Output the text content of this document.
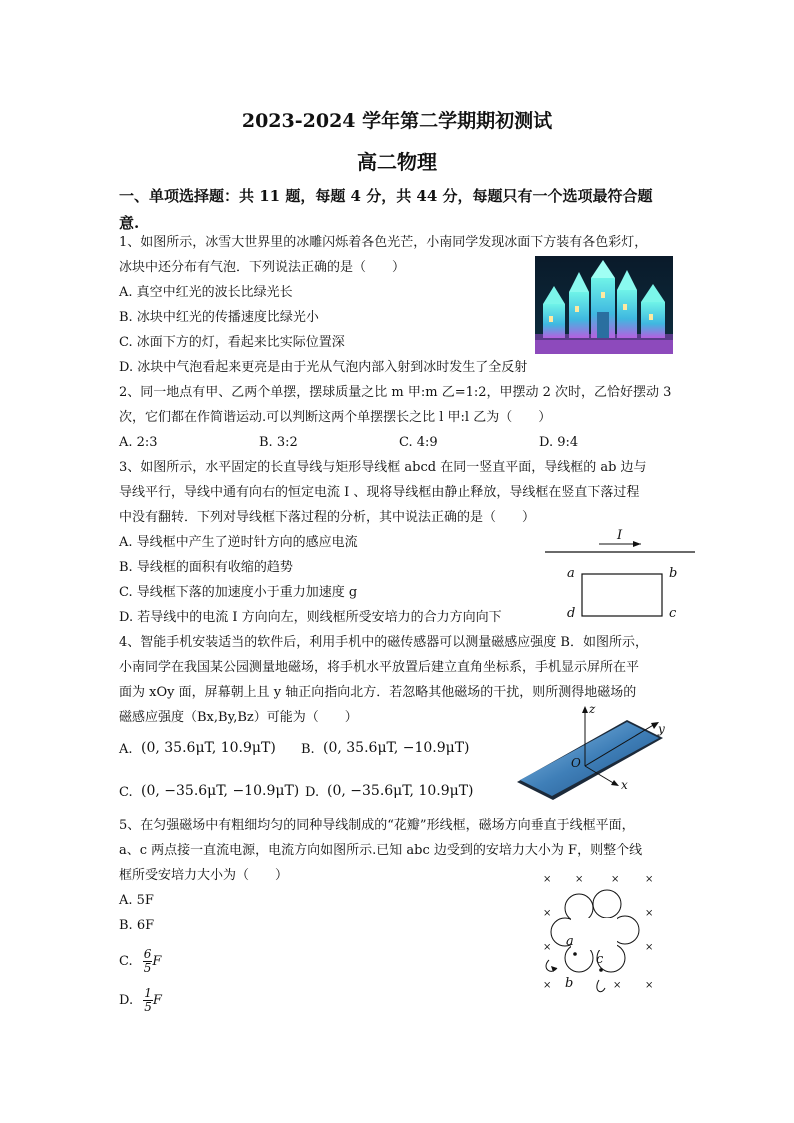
2023-2024 学年第二学期期初测试
高二物理
一、单项选择题：共 11 题，每题 4 分，共 44 分，每题只有一个选项最符合题
意.
1、如图所示，冰雪大世界里的冰雕闪烁着各色光芒，小南同学发现冰面下方装有各色彩灯，
冰块中还分布有气泡．下列说法正确的是（　　）
A. 真空中红光的波长比绿光长
B. 冰块中红光的传播速度比绿光小
C. 冰面下方的灯，看起来比实际位置深
D. 冰块中气泡看起来更亮是由于光从气泡内部入射到冰时发生了全反射
2、同一地点有甲、乙两个单摆，摆球质量之比 m 甲:m 乙=1:2，甲摆动 2 次时，乙恰好摆动 3
次，它们都在作简谐运动.可以判断这两个单摆摆长之比 l 甲:l 乙为（　　）
A. 2:3	B. 3:2	C. 4:9	D. 9:4
3、如图所示，水平固定的长直导线与矩形导线框 abcd 在同一竖直平面，导线框的 ab 边与
导线平行，导线中通有向右的恒定电流 I 、现将导线框由静止释放，导线框在竖直下落过程
中没有翻转．下列对导线框下落过程的分析，其中说法正确的是（　　）
A. 导线框中产生了逆时针方向的感应电流
B. 导线框的面积有收缩的趋势
C. 导线框下落的加速度小于重力加速度 g
D. 若导线中的电流 I 方向向左，则线框所受安培力的合力方向向下
I
a	b
c
d
4、智能手机安装适当的软件后，利用手机中的磁传感器可以测量磁感应强度 B．如图所示，
小南同学在我国某公园测量地磁场，将手机水平放置后建立直角坐标系，手机显示屏所在平
面为 xOy 面，屏幕朝上且 y 轴正向指向北方．若忽略其他磁场的干扰，则所测得地磁场的
磁感应强度（Bx,By,Bz）可能为（　　）
A. (0, 35.6μT, 10.9μT) B. (0, 35.6μT, −10.9μT)
C. (0, −35.6μT, −10.9μT) D. (0, −35.6μT, 10.9μT)
z
y
x
O
5、在匀强磁场中有粗细均匀的同种导线制成的“花瓣”形线框，磁场方向垂直于线框平面，
a、c 两点接一直流电源，电流方向如图所示.已知 abc 边受到的安培力大小为 F，则整个线
框所受安培力大小为（　　）
A. 5F
B. 6F
C. $\frac{6}{5}$ F
D. $\frac{1}{5}$ F
× ×	×	×
×	×
×	×
×	×
×
a
b
c
